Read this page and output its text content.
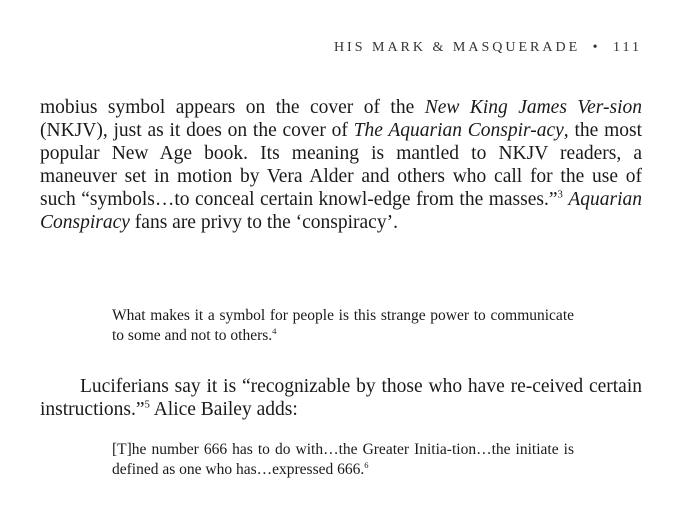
HIS MARK & MASQUERADE • 111

mobius symbol appears on the cover of the New King James Ver-sion (NKJV), just as it does on the cover of The Aquarian Conspir-acy, the most popular New Age book. Its meaning is mantled to NKJV readers, a maneuver set in motion by Vera Alder and others who call for the use of such “symbols…to conceal certain knowl-edge from the masses.”$^3$ Aquarian Conspiracy fans are privy to the ‘conspiracy’.

What makes it a symbol for people is this strange power to communicate to some and not to others.$^4$

Luciferians say it is “recognizable by those who have re-ceived certain instructions.”$^5$ Alice Bailey adds:

[T]he number 666 has to do with…the Greater Initia-tion…the initiate is defined as one who has…expressed 666.$^6$
